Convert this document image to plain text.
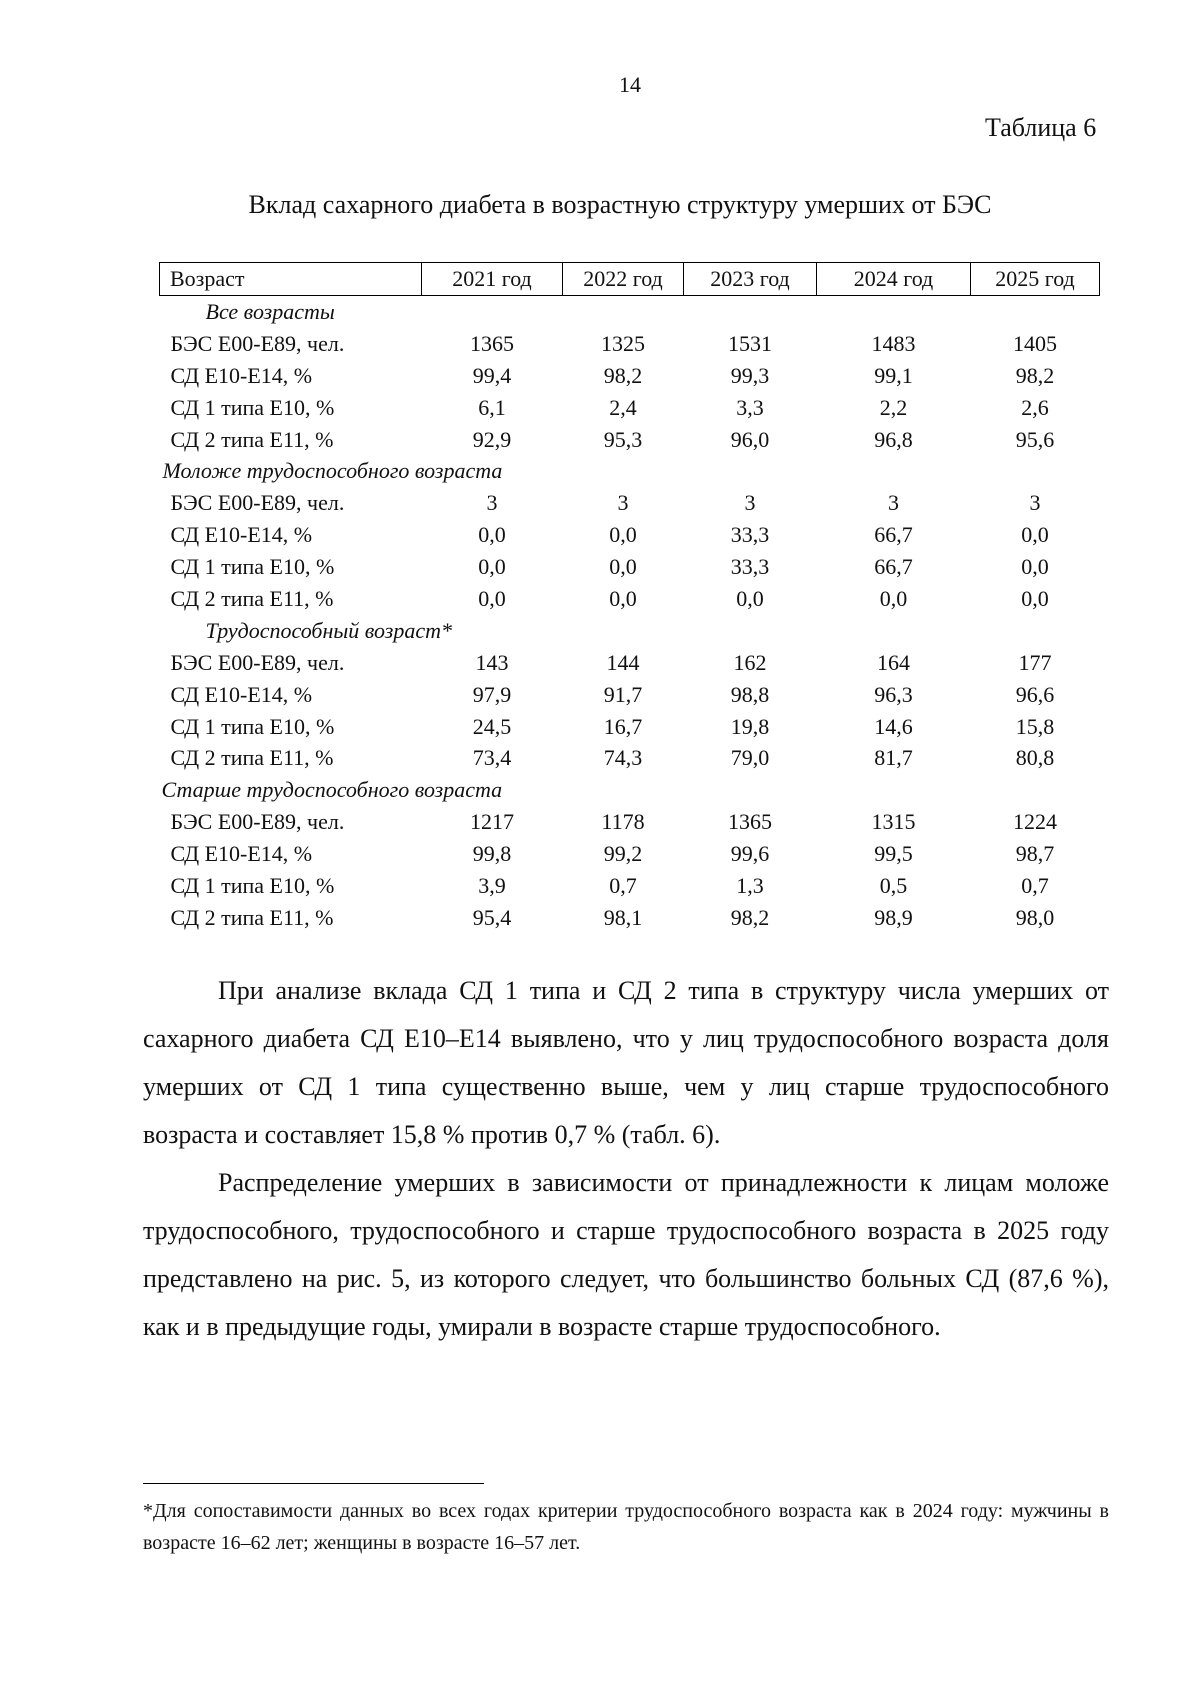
14
Таблица 6
Вклад сахарного диабета в возрастную структуру умерших от БЭС
Возраст	2021 год	2022 год	2023 год	2024 год	2025 год
Все возрасты					
БЭС Е00-Е89, чел.	1365	1325	1531	1483	1405
СД Е10-Е14, %	99,4	98,2	99,3	99,1	98,2
СД 1 типа Е10, %	6,1	2,4	3,3	2,2	2,6
СД 2 типа Е11, %	92,9	95,3	96,0	96,8	95,6
Моложе трудоспособного возраста					
БЭС Е00-Е89, чел.	3	3	3	3	3
СД Е10-Е14, %	0,0	0,0	33,3	66,7	0,0
СД 1 типа Е10, %	0,0	0,0	33,3	66,7	0,0
СД 2 типа Е11, %	0,0	0,0	0,0	0,0	0,0
Трудоспособный возраст*					
БЭС Е00-Е89, чел.	143	144	162	164	177
СД Е10-Е14, %	97,9	91,7	98,8	96,3	96,6
СД 1 типа Е10, %	24,5	16,7	19,8	14,6	15,8
СД 2 типа Е11, %	73,4	74,3	79,0	81,7	80,8
Старше трудоспособного возраста					
БЭС Е00-Е89, чел.	1217	1178	1365	1315	1224
СД Е10-Е14, %	99,8	99,2	99,6	99,5	98,7
СД 1 типа Е10, %	3,9	0,7	1,3	0,5	0,7
СД 2 типа Е11, %	95,4	98,1	98,2	98,9	98,0

При анализе вклада СД 1 типа и СД 2 типа в структуру числа умерших от сахарного диабета СД Е10–Е14 выявлено, что у лиц трудоспособного возраста доля умерших от СД 1 типа существенно выше, чем у лиц старше трудоспособного возраста и составляет 15,8 % против 0,7 % (табл. 6).

Распределение умерших в зависимости от принадлежности к лицам моложе трудоспособного, трудоспособного и старше трудоспособного возраста в 2025 году представлено на рис. 5, из которого следует, что большинство больных СД (87,6 %), как и в предыдущие годы, умирали в возрасте старше трудоспособного.

*Для сопоставимости данных во всех годах критерии трудоспособного возраста как в 2024 году: мужчины в возрасте 16–62 лет; женщины в возрасте 16–57 лет.
